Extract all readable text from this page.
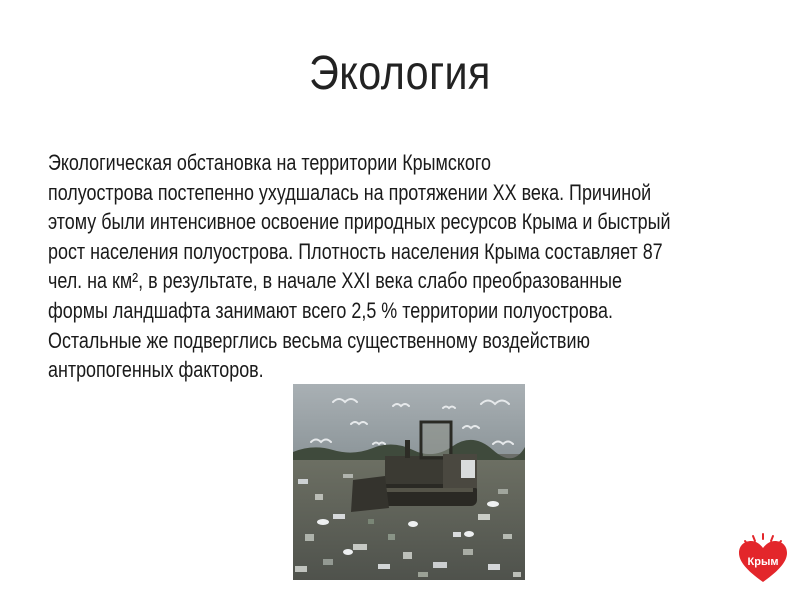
Экология
Экологическая обстановка на территории Крымского
полуострова постепенно ухудшалась на протяжении XX века. Причиной
этому были интенсивное освоение природных ресурсов Крыма и быстрый
рост населения полуострова. Плотность населения Крыма составляет 87
чел. на км², в результате, в начале XXI века слабо преобразованные
формы ландшафта занимают всего 2,5 % территории полуострова.
Остальные же подверглись весьма существенному воздействию
антропогенных факторов.
Крым
